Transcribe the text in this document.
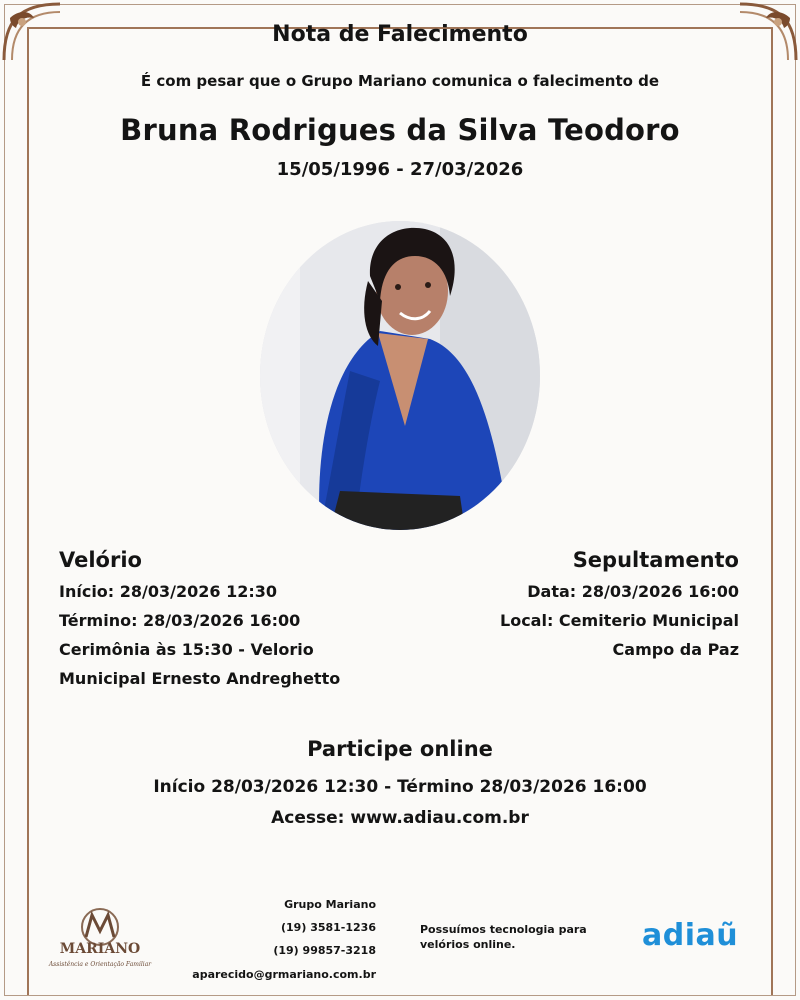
Nota de Falecimento
É com pesar que o Grupo Mariano comunica o falecimento de
Bruna Rodrigues da Silva Teodoro
15/05/1996 - 27/03/2026
Velório
Início: 28/03/2026 12:30
Término: 28/03/2026 16:00
Cerimônia às 15:30 - Velorio
Municipal Ernesto Andreghetto
Sepultamento
Data: 28/03/2026 16:00
Local: Cemiterio Municipal
Campo da Paz
Participe online
Início 28/03/2026 12:30 - Término 28/03/2026 16:00
Acesse: www.adiau.com.br
MARIANO
Assistência e Orientação Familiar
Grupo Mariano
(19) 3581-1236
(19) 99857-3218
aparecido@grmariano.com.br
Possuímos tecnologia para
velórios online.	adiaũ
